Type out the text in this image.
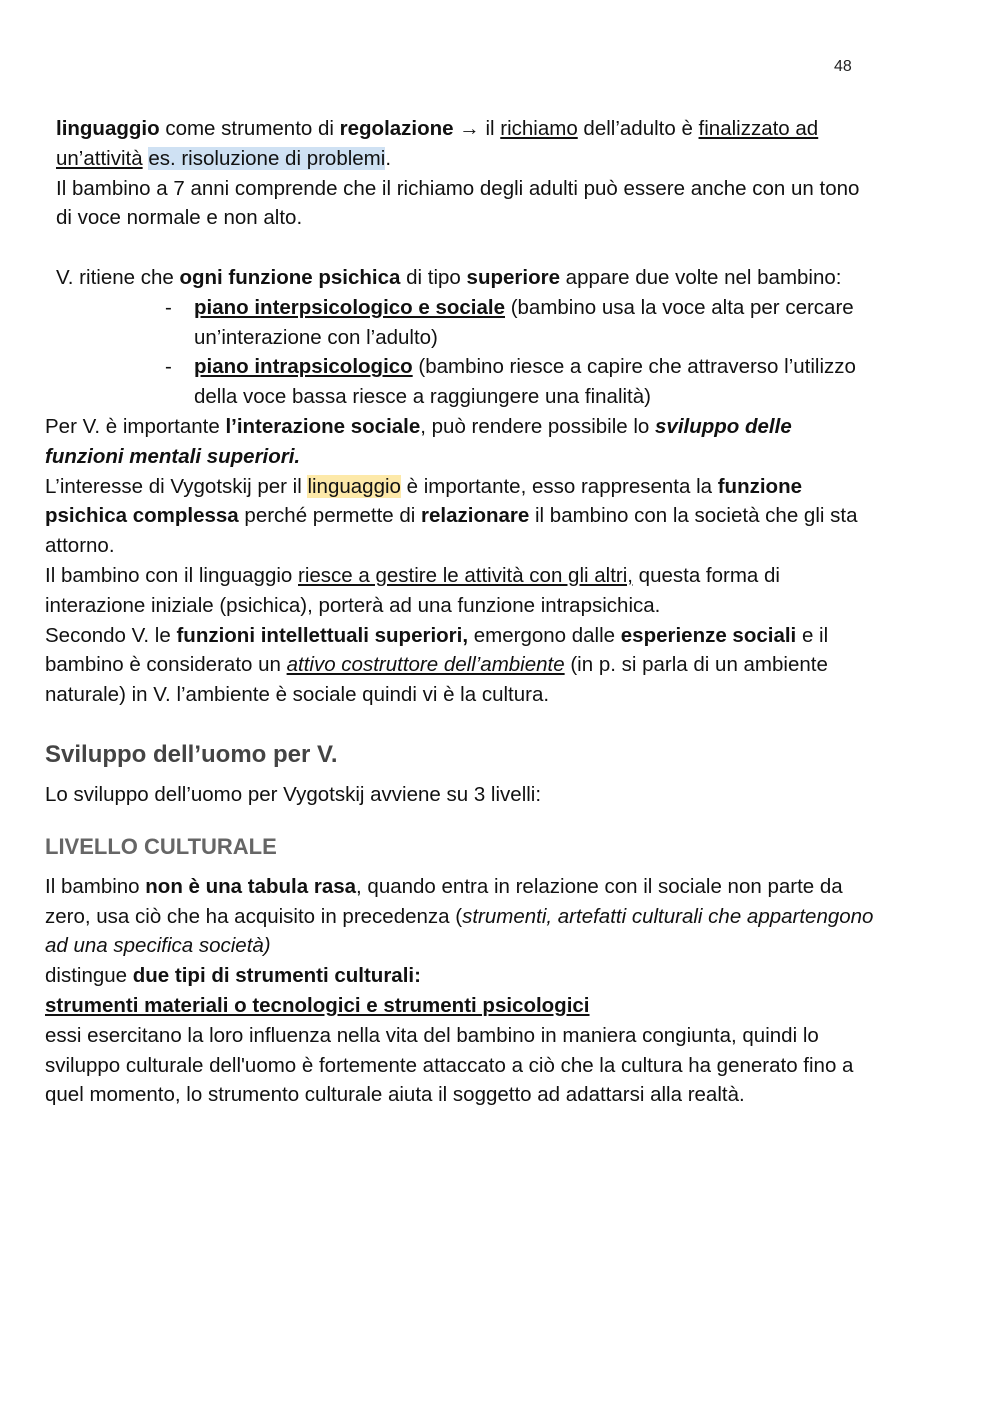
48

linguaggio come strumento di regolazione → il richiamo dell’adulto è finalizzato ad un’attività es. risoluzione di problemi.

Il bambino a 7 anni comprende che il richiamo degli adulti può essere anche con un tono di voce normale e non alto.

V. ritiene che ogni funzione psichica di tipo superiore appare due volte nel bambino:

- piano interpsicologico e sociale (bambino usa la voce alta per cercare un’interazione con l’adulto)
- piano intrapsicologico (bambino riesce a capire che attraverso l’utilizzo della voce bassa riesce a raggiungere una finalità)

Per V. è importante l’interazione sociale, può rendere possibile lo sviluppo delle funzioni mentali superiori.

L’interesse di Vygotskij per il linguaggio è importante, esso rappresenta la funzione psichica complessa perché permette di relazionare il bambino con la società che gli sta attorno.

Il bambino con il linguaggio riesce a gestire le attività con gli altri, questa forma di interazione iniziale (psichica), porterà ad una funzione intrapsichica.

Secondo V. le funzioni intellettuali superiori, emergono dalle esperienze sociali e il bambino è considerato un attivo costruttore dell’ambiente (in p. si parla di un ambiente naturale) in V. l’ambiente è sociale quindi vi è la cultura.

Sviluppo dell’uomo per V.

Lo sviluppo dell’uomo per Vygotskij avviene su 3 livelli:

LIVELLO CULTURALE

Il bambino non è una tabula rasa, quando entra in relazione con il sociale non parte da zero, usa ciò che ha acquisito in precedenza (strumenti, artefatti culturali che appartengono ad una specifica società)

distingue due tipi di strumenti culturali:

strumenti materiali o tecnologici e strumenti psicologici

essi esercitano la loro influenza nella vita del bambino in maniera congiunta, quindi lo sviluppo culturale dell'uomo è fortemente attaccato a ciò che la cultura ha generato fino a quel momento, lo strumento culturale aiuta il soggetto ad adattarsi alla realtà.
